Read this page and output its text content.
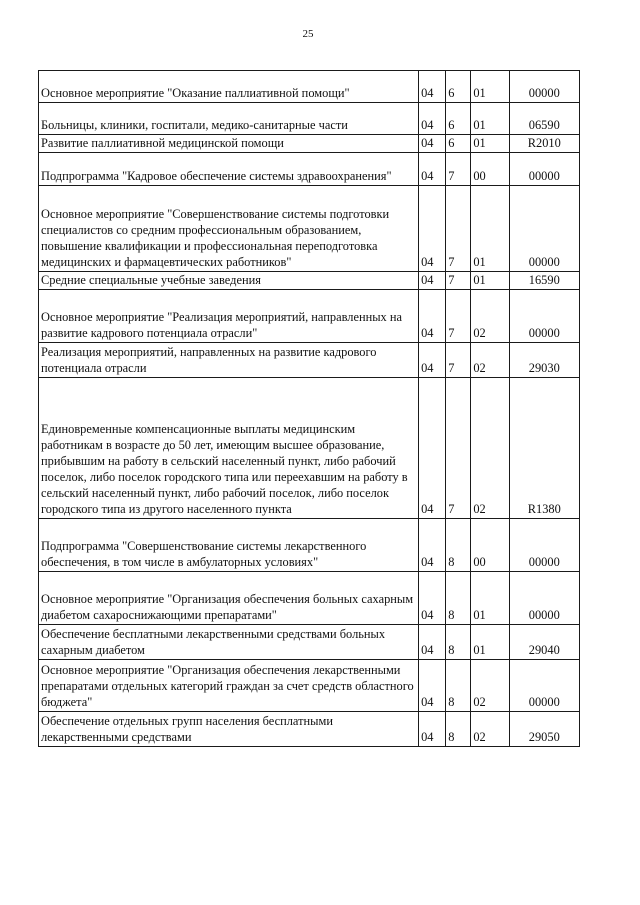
25
Основное мероприятие "Оказание паллиативной помощи"	04	6	01	00000
Больницы, клиники, госпитали, медико-санитарные части	04	6	01	06590
Развитие паллиативной медицинской помощи	04	6	01	R2010
Подпрограмма "Кадровое обеспечение системы здравоохранения"	04	7	00	00000
Основное мероприятие "Совершенствование системы подготовки специалистов со средним профессиональным образованием, повышение квалификации и профессиональная переподготовка медицинских и фармацевтических работников"	04	7	01	00000
Средние специальные учебные заведения	04	7	01	16590
Основное мероприятие "Реализация мероприятий, направленных на развитие кадрового потенциала отрасли"	04	7	02	00000
Реализация мероприятий, направленных на развитие кадрового потенциала отрасли	04	7	02	29030
Единовременные компенсационные выплаты медицинским работникам в возрасте до 50 лет, имеющим высшее образование, прибывшим на работу в сельский населенный пункт, либо рабочий поселок, либо поселок городского типа или переехавшим на работу в сельский населенный пункт, либо рабочий поселок, либо поселок городского типа из другого населенного пункта	04	7	02	R1380
Подпрограмма "Совершенствование системы лекарственного обеспечения, в том числе в амбулаторных условиях"	04	8	00	00000
Основное мероприятие "Организация обеспечения больных сахарным диабетом сахароснижающими препаратами"	04	8	01	00000
Обеспечение бесплатными лекарственными средствами больных сахарным диабетом	04	8	01	29040
Основное мероприятие "Организация обеспечения лекарственными препаратами отдельных категорий граждан за счет средств областного бюджета"	04	8	02	00000
Обеспечение отдельных групп населения бесплатными лекарственными средствами	04	8	02	29050
